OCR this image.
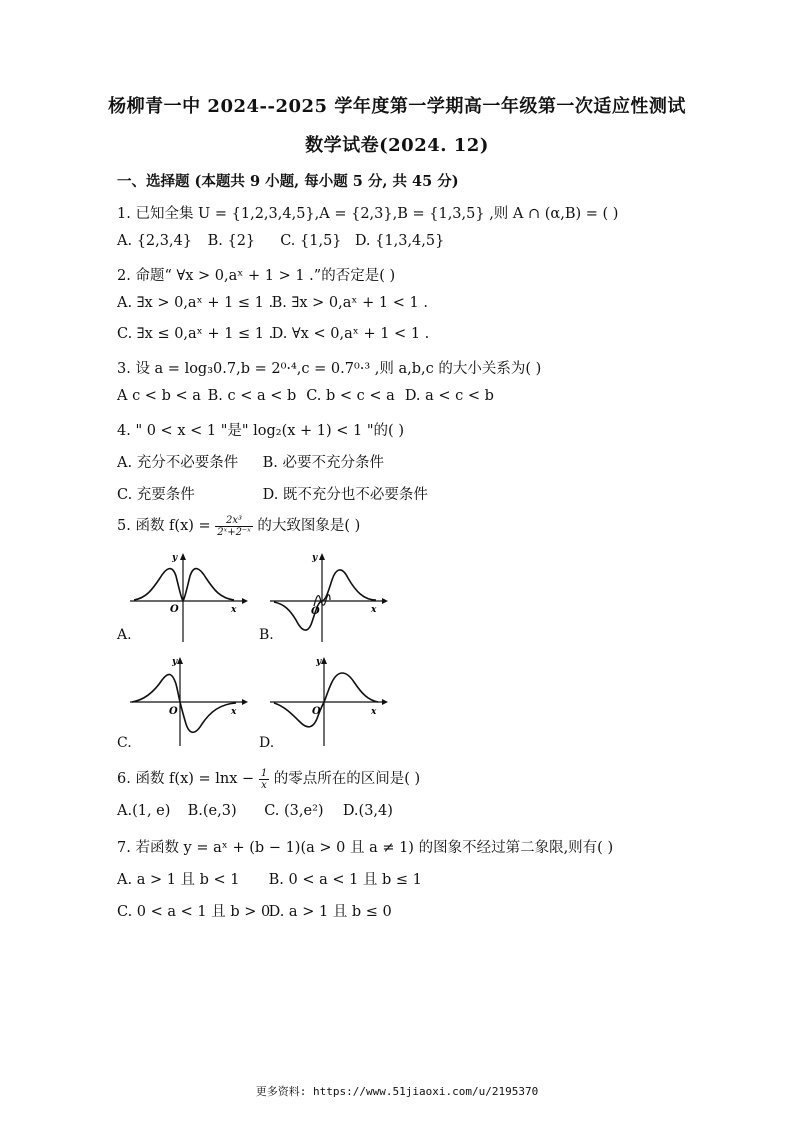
杨柳青一中 2024--2025 学年度第一学期高一年级第一次适应性测试
数学试卷(2024. 12)
一、选择题 (本题共 9 小题, 每小题 5 分, 共 45 分)
1. 已知全集 U = {1,2,3,4,5},A = {2,3},B = {1,3,5} ,则 A ∩ (α,B) = ( )
A. {2,3,4} B. {2} C. {1,5} D. {1,3,4,5}
2. 命题“ ∀x > 0,aˣ + 1 > 1 .”的否定是( )
A. ∃x > 0,aˣ + 1 ≤ 1 . B. ∃x > 0,aˣ + 1 < 1 .
C. ∃x ≤ 0,aˣ + 1 ≤ 1 . D. ∀x < 0,aˣ + 1 < 1 .
3. 设 a = log₃0.7,b = 2⁰·⁴,c = 0.7⁰·³ ,则 a,b,c 的大小关系为( )
A c < b < a B. c < a < b C. b < c < a D. a < c < b
4. " 0 < x < 1 "是" log₂(x + 1) < 1 "的( )
A. 充分不必要条件 B. 必要不充分条件
C. 充要条件	D. 既不充分也不必要条件
5. 函数 $f(x) = \frac{\text{2x³}}{\text{2ˣ+2⁻ˣ}}$ 的大致图象是( )
y
O	x
A.
y
O	x
B.
y
O	x
C.
y
O	x
D.
6. 函数 $f(x) = \ln x - \frac{1}{x}$ 的零点所在的区间是( )
A.(1, e) B.(e,3) C. (3,e²) D.(3,4)
7. 若函数 y = aˣ + (b − 1)(a > 0 且 a ≠ 1) 的图象不经过第二象限,则有( )
A. a > 1 且 b < 1 B. 0 < a < 1 且 b ≤ 1
C. 0 < a < 1 且 b > 0 D. a > 1 且 b ≤ 0
更多资料: https://www.51jiaoxi.com/u/2195370
